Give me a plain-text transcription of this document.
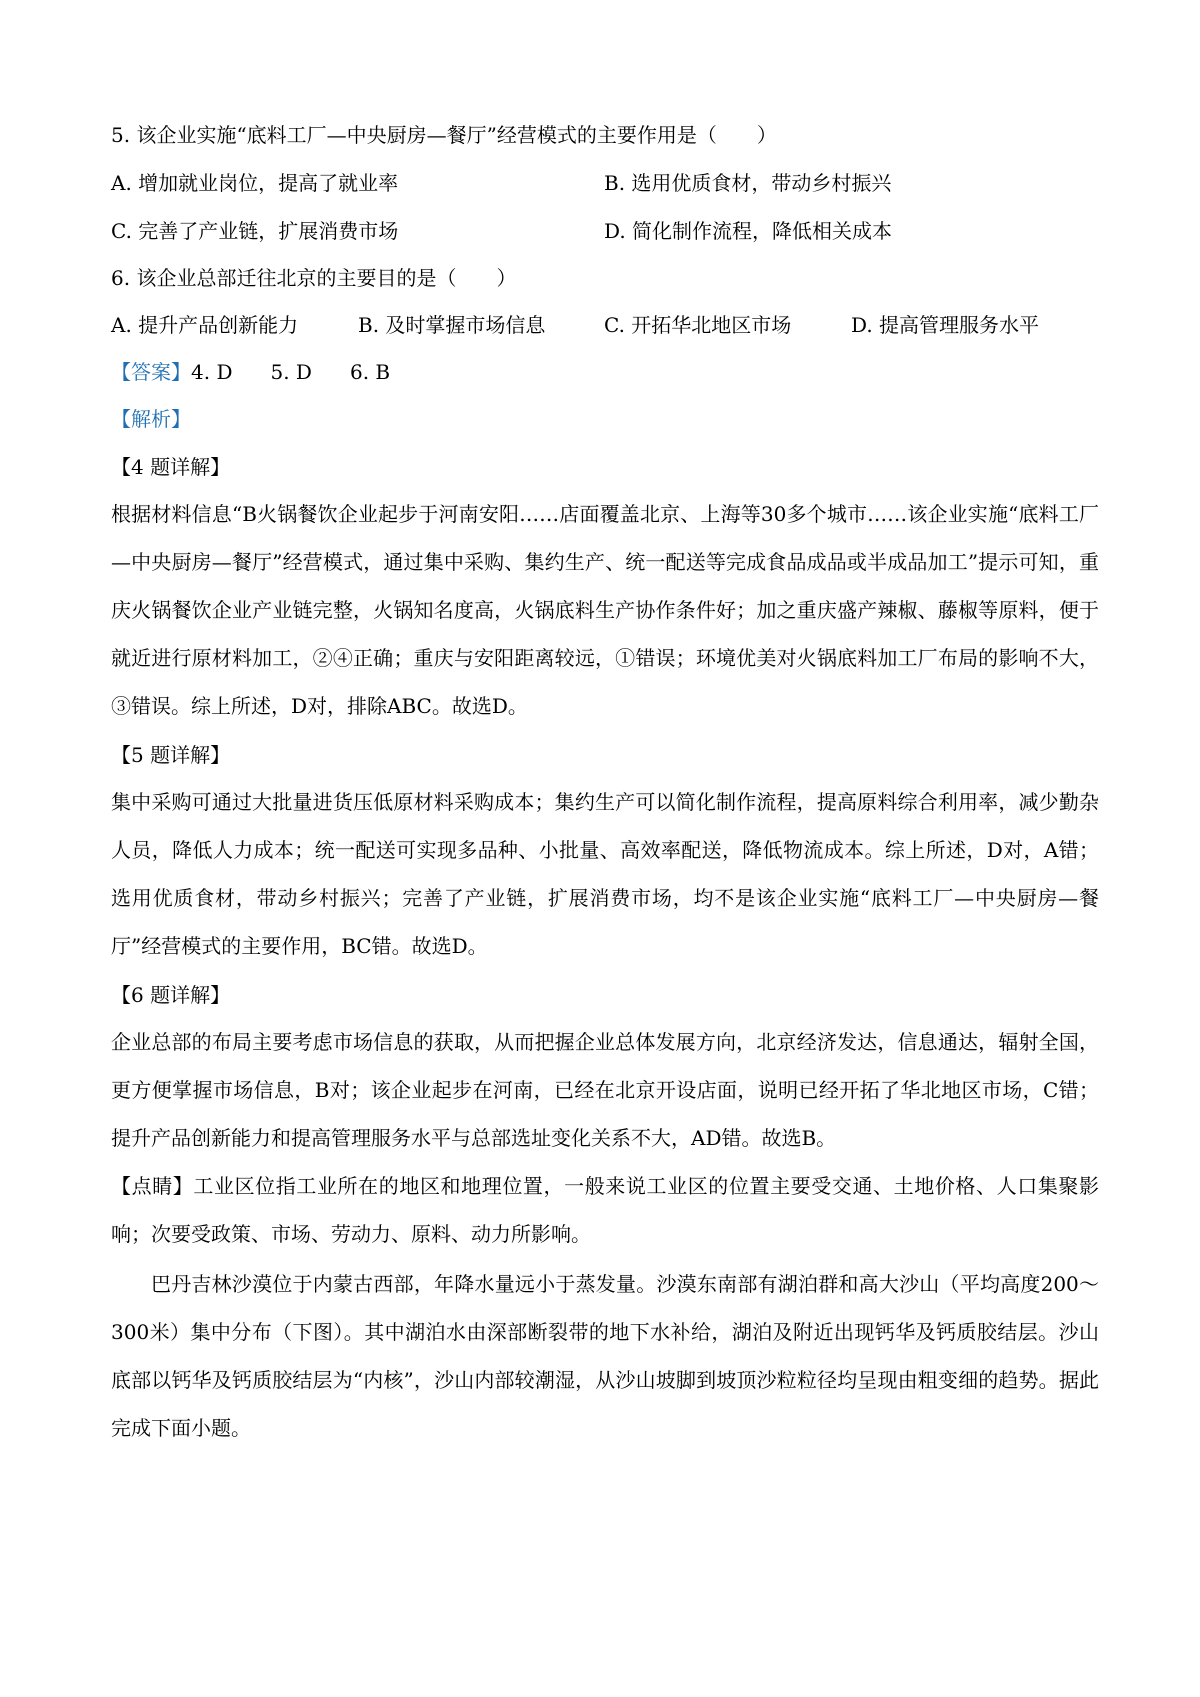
5. 该企业实施“底料工厂—中央厨房—餐厅”经营模式的主要作用是（　　）
A. 增加就业岗位，提高了就业率	B. 选用优质食材，带动乡村振兴
C. 完善了产业链，扩展消费市场	D. 简化制作流程，降低相关成本
6. 该企业总部迁往北京的主要目的是（　　）
A. 提升产品创新能力	B. 及时掌握市场信息	C. 开拓华北地区市场	D. 提高管理服务水平
【答案】4. D 5. D 6. B
【解析】
【4 题详解】
根据材料信息“B火锅餐饮企业起步于河南安阳……店面覆盖北京、上海等30多个城市……该企业实施“底料工厂—中央厨房—餐厅”经营模式，通过集中采购、集约生产、统一配送等完成食品成品或半成品加工”提示可知，重庆火锅餐饮企业产业链完整，火锅知名度高，火锅底料生产协作条件好；加之重庆盛产辣椒、藤椒等原料，便于就近进行原材料加工，②④正确；重庆与安阳距离较远，①错误；环境优美对火锅底料加工厂布局的影响不大，③错误。综上所述，D对，排除ABC。故选D。
【5 题详解】
集中采购可通过大批量进货压低原材料采购成本；集约生产可以简化制作流程，提高原料综合利用率，减少勤杂人员，降低人力成本；统一配送可实现多品种、小批量、高效率配送，降低物流成本。综上所述，D对，A错；选用优质食材，带动乡村振兴；完善了产业链，扩展消费市场，均不是该企业实施“底料工厂—中央厨房—餐厅”经营模式的主要作用，BC错。故选D。
【6 题详解】
企业总部的布局主要考虑市场信息的获取，从而把握企业总体发展方向，北京经济发达，信息通达，辐射全国，更方便掌握市场信息，B对；该企业起步在河南，已经在北京开设店面，说明已经开拓了华北地区市场，C错；提升产品创新能力和提高管理服务水平与总部选址变化关系不大，AD错。故选B。
【点睛】工业区位指工业所在的地区和地理位置，一般来说工业区的位置主要受交通、土地价格、人口集聚影响；次要受政策、市场、劳动力、原料、动力所影响。
巴丹吉林沙漠位于内蒙古西部，年降水量远小于蒸发量。沙漠东南部有湖泊群和高大沙山（平均高度200～300米）集中分布（下图）。其中湖泊水由深部断裂带的地下水补给，湖泊及附近出现钙华及钙质胶结层。沙山底部以钙华及钙质胶结层为“内核”，沙山内部较潮湿，从沙山坡脚到坡顶沙粒粒径均呈现由粗变细的趋势。据此完成下面小题。
